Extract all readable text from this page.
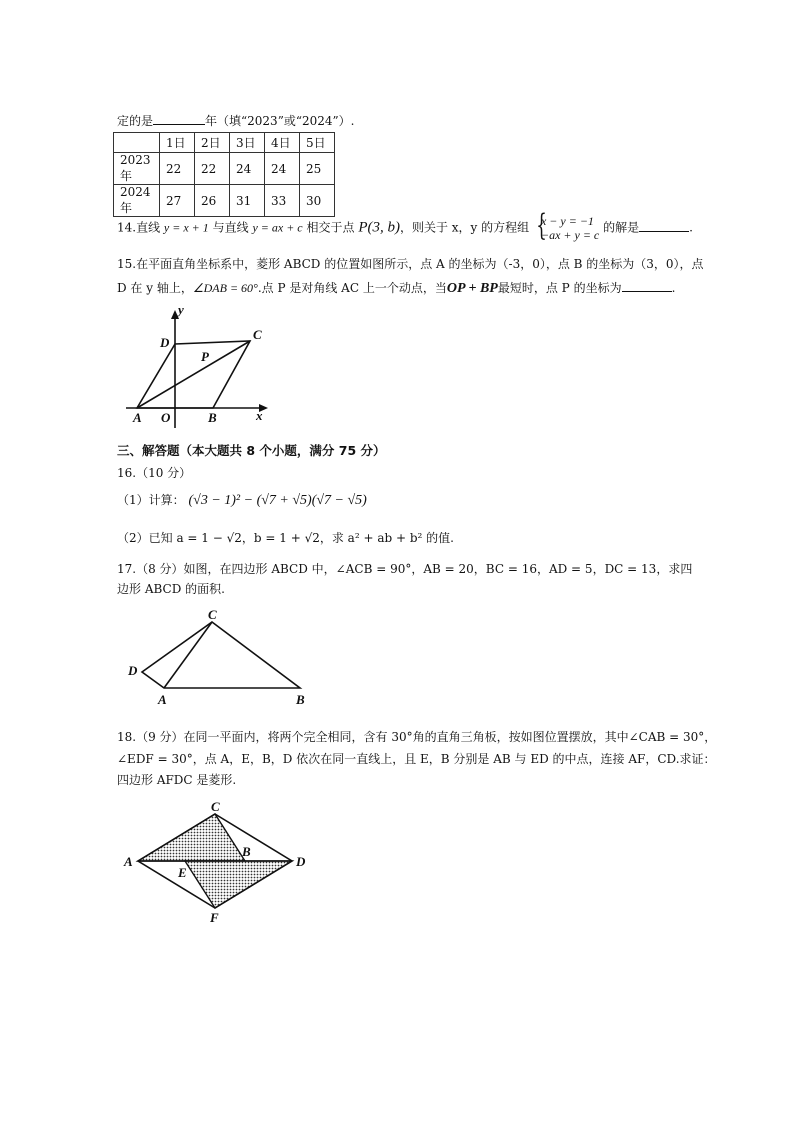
定的是	年（填“2023”或“2024”）.
	1日	2日	3日	4日	5日
2023年	22	22	24	24	25
2024年	27	26	31	33	30
14.直线 y = x + 1 与直线 y = ax + c 相交于点 P(3, b)，则关于 x，y 的方程组 {
x − y = −1
−ax + y = c
的解是	.
15.在平面直角坐标系中，菱形 ABCD 的位置如图所示，点 A 的坐标为（-3，0），点 B 的坐标为（3，0），点
D 在 y 轴上，∠DAB = 60°.点 P 是对角线 AC 上一个动点，当OP + BP最短时，点 P 的坐标为	.
y
x
D
C
P
A O	B
三、解答题（本大题共 8 个小题，满分 75 分）
16.（10 分）
（1）计算： (√3 − 1)² − (√7 + √5)(√7 − √5)
（2）已知 a = 1 − √2，b = 1 + √2，求 a² + ab + b² 的值.
17.（8 分）如图，在四边形 ABCD 中，∠ACB = 90°，AB = 20，BC = 16，AD = 5，DC = 13，求四
边形 ABCD 的面积.
C
D
A	B
18.（9 分）在同一平面内，将两个完全相同，含有 30°角的直角三角板，按如图位置摆放，其中∠CAB = 30°，
∠EDF = 30°，点 A，E，B，D 依次在同一直线上，且 E，B 分别是 AB 与 ED 的中点，连接 AF，CD.求证：
四边形 AFDC 是菱形.
C
A
B
D
E
F
